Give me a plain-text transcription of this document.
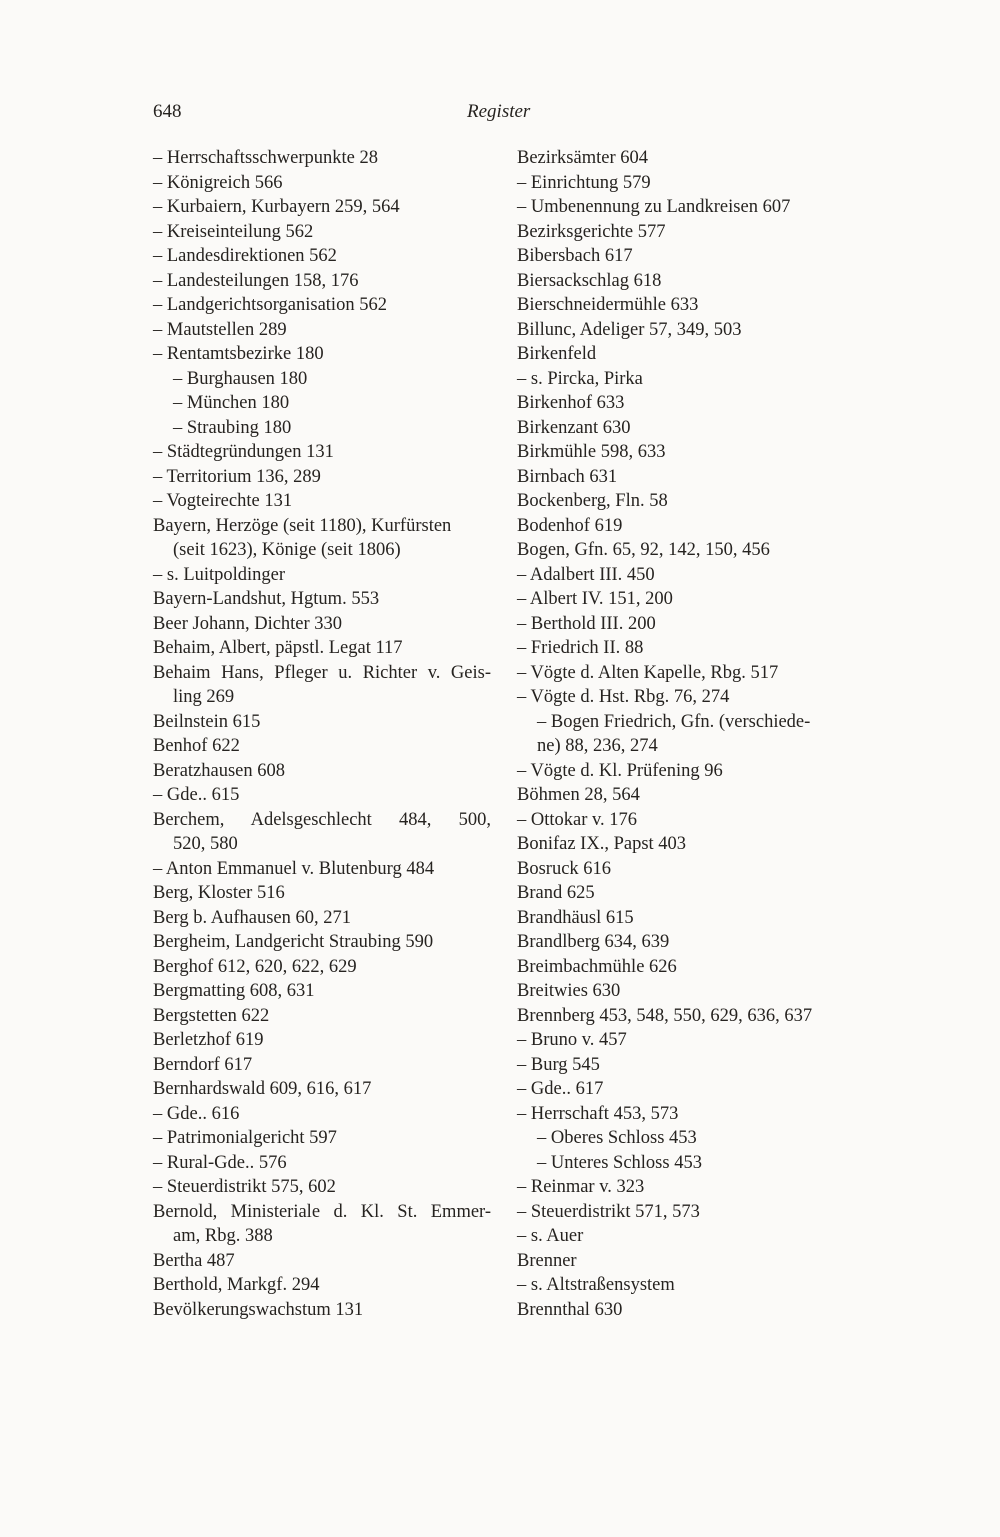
648	Register
– Herrschaftsschwerpunkte 28
– Königreich 566
– Kurbaiern, Kurbayern 259, 564
– Kreiseinteilung 562
– Landesdirektionen 562
– Landesteilungen 158, 176
– Landgerichtsorganisation 562
– Mautstellen 289
– Rentamtsbezirke 180
– Burghausen 180
– München 180
– Straubing 180
– Städtegründungen 131
– Territorium 136, 289
– Vogteirechte 131
Bayern, Herzöge (seit 1180), Kurfürsten
(seit 1623), Könige (seit 1806)
– s. Luitpoldinger
Bayern-Landshut, Hgtum. 553
Beer Johann, Dichter 330
Behaim, Albert, päpstl. Legat 117
Behaim Hans, Pfleger u. Richter v. Geis-
ling 269
Beilnstein 615
Benhof 622
Beratzhausen 608
– Gde.. 615
Berchem, Adelsgeschlecht 484, 500,
520, 580
– Anton Emmanuel v. Blutenburg 484
Berg, Kloster 516
Berg b. Aufhausen 60, 271
Bergheim, Landgericht Straubing 590
Berghof 612, 620, 622, 629
Bergmatting 608, 631
Bergstetten 622
Berletzhof 619
Berndorf 617
Bernhardswald 609, 616, 617
– Gde.. 616
– Patrimonialgericht 597
– Rural-Gde.. 576
– Steuerdistrikt 575, 602
Bernold, Ministeriale d. Kl. St. Emmer-
am, Rbg. 388
Bertha 487
Berthold, Markgf. 294
Bevölkerungswachstum 131
Bezirksämter 604
– Einrichtung 579
– Umbenennung zu Landkreisen 607
Bezirksgerichte 577
Bibersbach 617
Biersackschlag 618
Bierschneidermühle 633
Billunc, Adeliger 57, 349, 503
Birkenfeld
– s. Pircka, Pirka
Birkenhof 633
Birkenzant 630
Birkmühle 598, 633
Birnbach 631
Bockenberg, Fln. 58
Bodenhof 619
Bogen, Gfn. 65, 92, 142, 150, 456
– Adalbert III. 450
– Albert IV. 151, 200
– Berthold III. 200
– Friedrich II. 88
– Vögte d. Alten Kapelle, Rbg. 517
– Vögte d. Hst. Rbg. 76, 274
– Bogen Friedrich, Gfn. (verschiede-
ne) 88, 236, 274
– Vögte d. Kl. Prüfening 96
Böhmen 28, 564
– Ottokar v. 176
Bonifaz IX., Papst 403
Bosruck 616
Brand 625
Brandhäusl 615
Brandlberg 634, 639
Breimbachmühle 626
Breitwies 630
Brennberg 453, 548, 550, 629, 636, 637
– Bruno v. 457
– Burg 545
– Gde.. 617
– Herrschaft 453, 573
– Oberes Schloss 453
– Unteres Schloss 453
– Reinmar v. 323
– Steuerdistrikt 571, 573
– s. Auer
Brenner
– s. Altstraßensystem
Brennthal 630
